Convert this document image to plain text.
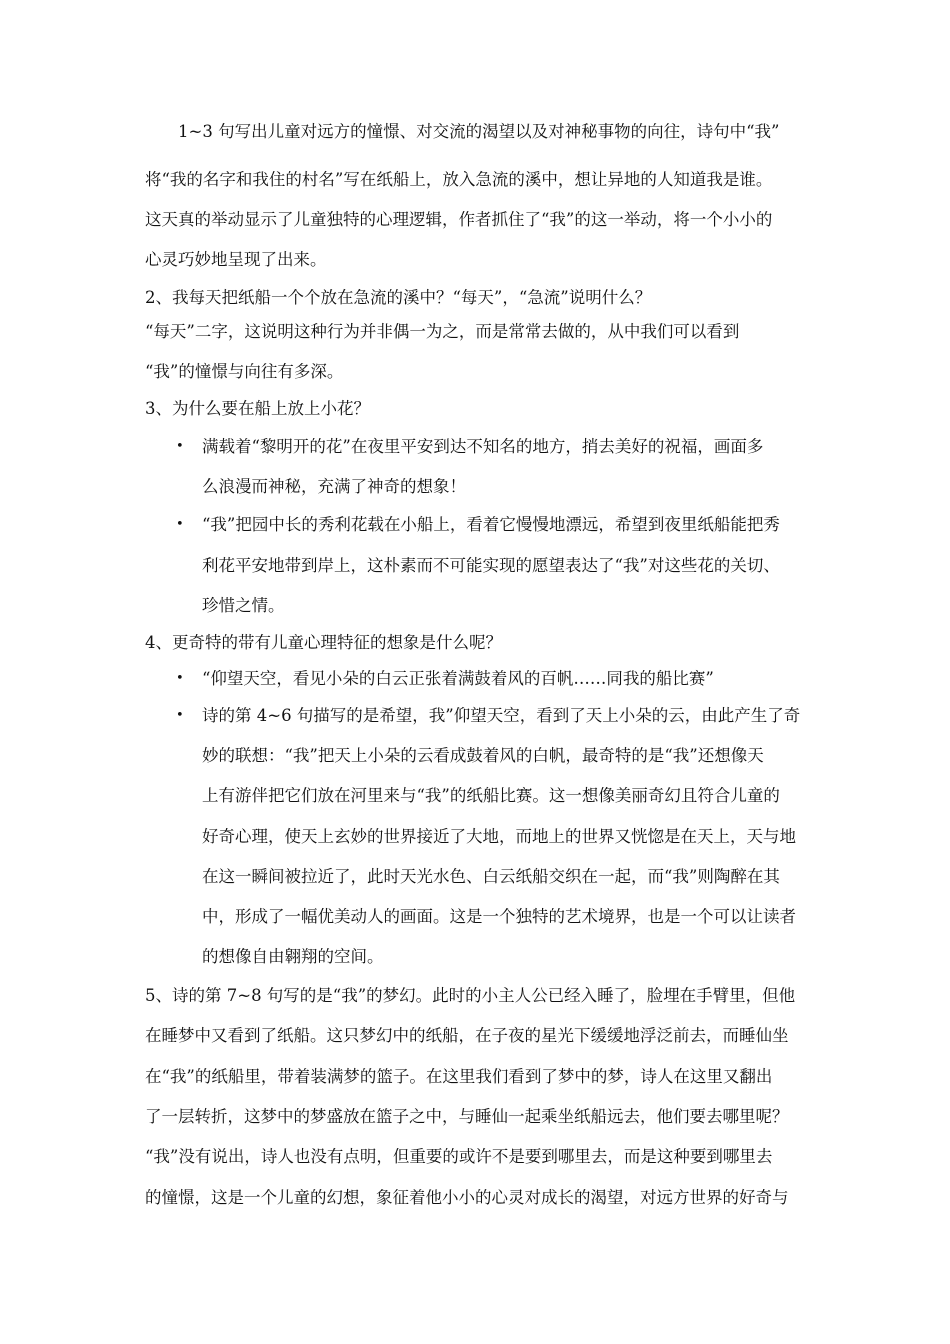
1~3 句写出儿童对远方的憧憬、对交流的渴望以及对神秘事物的向往，诗句中“我”
将“我的名字和我住的村名”写在纸船上，放入急流的溪中，想让异地的人知道我是谁。
这天真的举动显示了儿童独特的心理逻辑，作者抓住了“我”的这一举动，将一个小小的
心灵巧妙地呈现了出来。
2、我每天把纸船一个个放在急流的溪中？“每天”，“急流”说明什么？
“每天”二字，这说明这种行为并非偶一为之，而是常常去做的，从中我们可以看到
“我”的憧憬与向往有多深。
3、为什么要在船上放上小花？
•	满载着“黎明开的花”在夜里平安到达不知名的地方，捎去美好的祝福，画面多
么浪漫而神秘，充满了神奇的想象！
•	“我”把园中长的秀利花载在小船上，看着它慢慢地漂远，希望到夜里纸船能把秀
利花平安地带到岸上，这朴素而不可能实现的愿望表达了“我”对这些花的关切、
珍惜之情。
4、更奇特的带有儿童心理特征的想象是什么呢？
•	“仰望天空，看见小朵的白云正张着满鼓着风的百帆……同我的船比赛”
•	诗的第 4~6 句描写的是希望，我”仰望天空，看到了天上小朵的云，由此产生了奇
妙的联想：“我”把天上小朵的云看成鼓着风的白帆，最奇特的是“我”还想像天
上有游伴把它们放在河里来与“我”的纸船比赛。这一想像美丽奇幻且符合儿童的
好奇心理，使天上玄妙的世界接近了大地，而地上的世界又恍惚是在天上，天与地
在这一瞬间被拉近了，此时天光水色、白云纸船交织在一起，而“我”则陶醉在其
中，形成了一幅优美动人的画面。这是一个独特的艺术境界，也是一个可以让读者
的想像自由翱翔的空间。
5、诗的第 7~8 句写的是“我”的梦幻。此时的小主人公已经入睡了，脸埋在手臂里，但他
在睡梦中又看到了纸船。这只梦幻中的纸船，在子夜的星光下缓缓地浮泛前去，而睡仙坐
在“我”的纸船里，带着装满梦的篮子。在这里我们看到了梦中的梦，诗人在这里又翻出
了一层转折，这梦中的梦盛放在篮子之中，与睡仙一起乘坐纸船远去，他们要去哪里呢？
“我”没有说出，诗人也没有点明，但重要的或许不是要到哪里去，而是这种要到哪里去
的憧憬，这是一个儿童的幻想，象征着他小小的心灵对成长的渴望，对远方世界的好奇与
